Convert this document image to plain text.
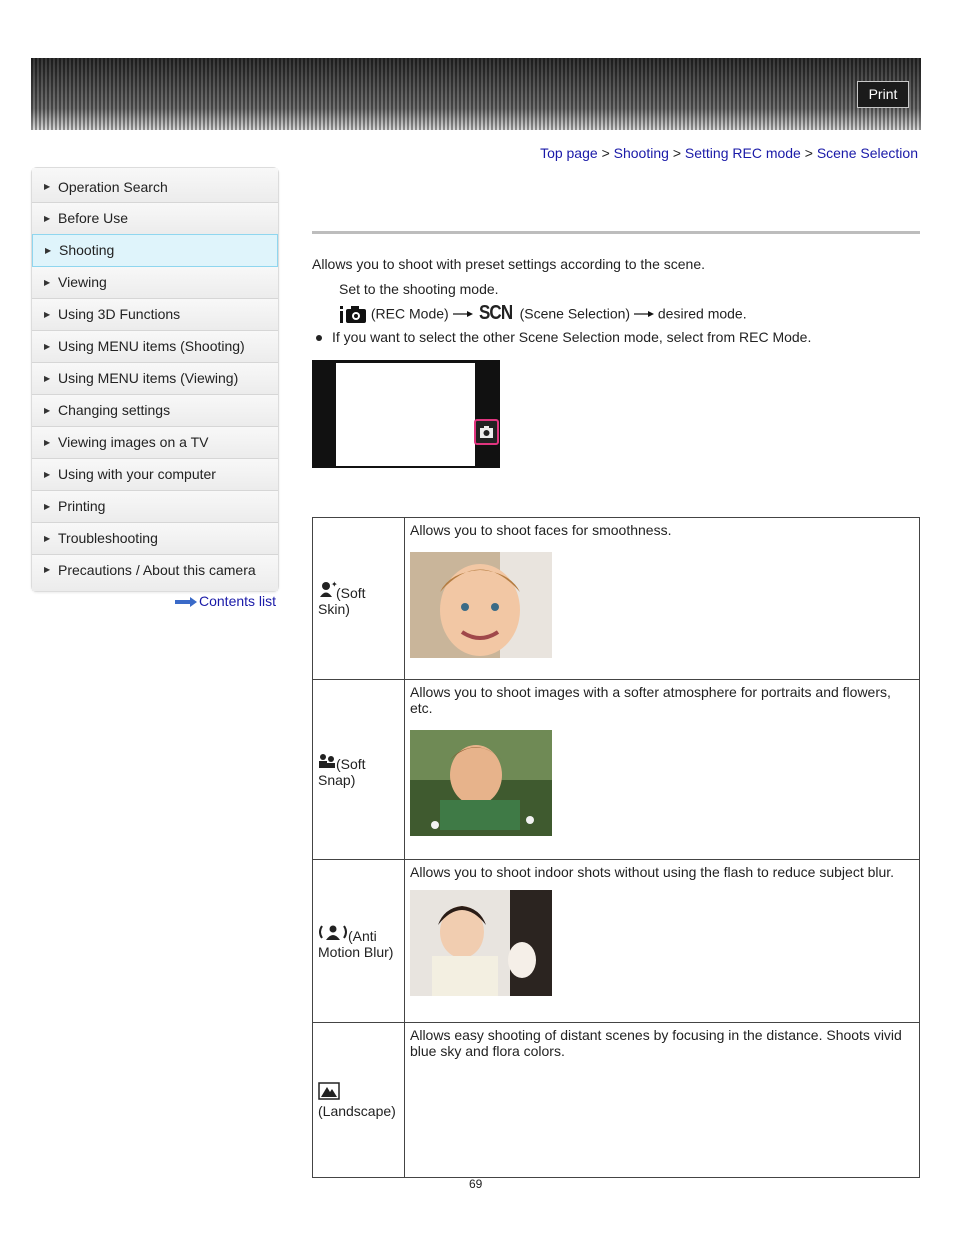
Print
Top page > Shooting > Setting REC mode > Scene Selection
▶ Operation Search
▶ Before Use
▶ Shooting
▶ Viewing
▶ Using 3D Functions
▶ Using MENU items (Shooting)
▶ Using MENU items (Viewing)
▶ Changing settings
▶ Viewing images on a TV
▶ Using with your computer
▶ Printing
▶ Troubleshooting
▶ Precautions / About this camera
Contents list
Allows you to shoot with preset settings according to the scene.
Set to the shooting mode.
(REC Mode) SCN (Scene Selection) desired mode.
If you want to select the other Scene Selection mode, select from REC Mode.
✦
(Soft Skin)	Allows you to shoot faces for smoothness.

(Soft Snap)	Allows you to shoot images with a softer atmosphere for portraits and flowers, etc.

(Anti Motion Blur)	Allows you to shoot indoor shots without using the flash to reduce subject blur.

(Landscape)	Allows easy shooting of distant scenes by focusing in the distance. Shoots vivid blue sky and flora colors.
69
